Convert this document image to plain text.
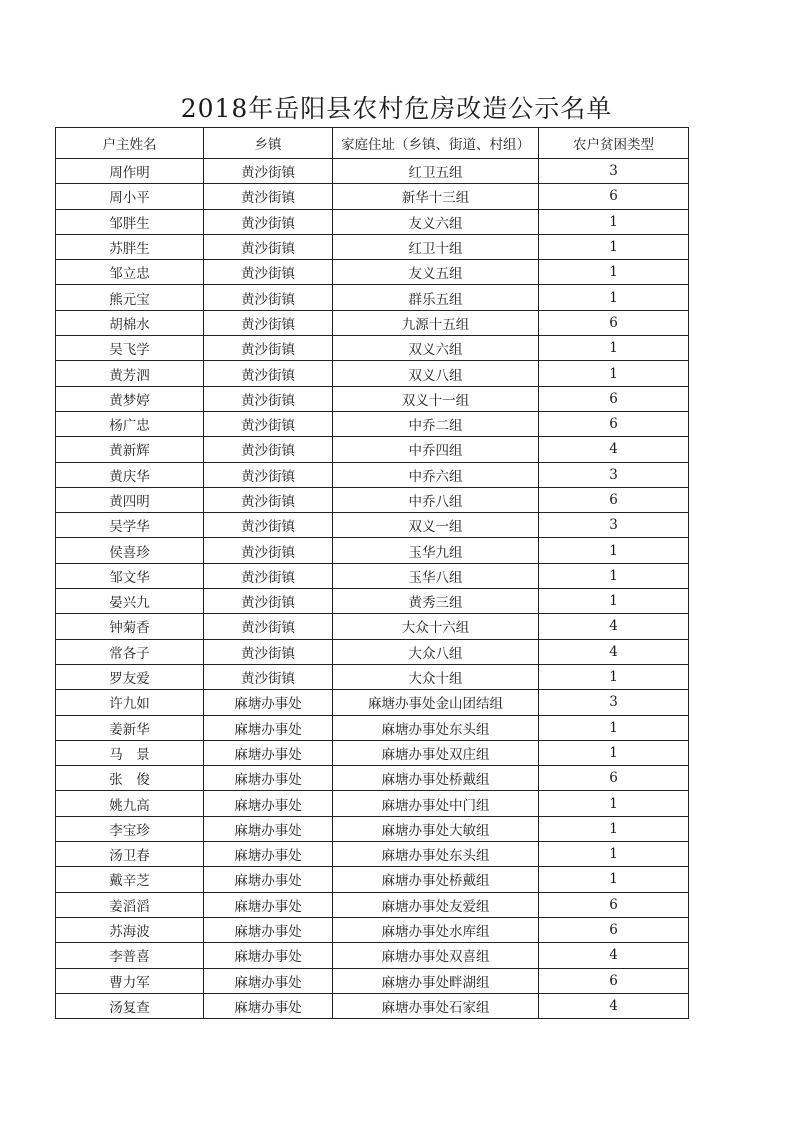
2018年岳阳县农村危房改造公示名单
户主姓名	乡镇	家庭住址（乡镇、街道、村组）	农户贫困类型
周作明	黄沙街镇	红卫五组	3
周小平	黄沙街镇	新华十三组	6
邹胖生	黄沙街镇	友义六组	1
苏胖生	黄沙街镇	红卫十组	1
邹立忠	黄沙街镇	友义五组	1
熊元宝	黄沙街镇	群乐五组	1
胡棉水	黄沙街镇	九源十五组	6
吴飞学	黄沙街镇	双义六组	1
黄芳泗	黄沙街镇	双义八组	1
黄梦婷	黄沙街镇	双义十一组	6
杨广忠	黄沙街镇	中乔二组	6
黄新辉	黄沙街镇	中乔四组	4
黄庆华	黄沙街镇	中乔六组	3
黄四明	黄沙街镇	中乔八组	6
吴学华	黄沙街镇	双义一组	3
侯喜珍	黄沙街镇	玉华九组	1
邹文华	黄沙街镇	玉华八组	1
晏兴九	黄沙街镇	黄秀三组	1
钟菊香	黄沙街镇	大众十六组	4
常各子	黄沙街镇	大众八组	4
罗友爱	黄沙街镇	大众十组	1
许九如	麻塘办事处	麻塘办事处金山团结组	3
姜新华	麻塘办事处	麻塘办事处东头组	1
马　景	麻塘办事处	麻塘办事处双庄组	1
张　俊	麻塘办事处	麻塘办事处桥戴组	6
姚九高	麻塘办事处	麻塘办事处中门组	1
李宝珍	麻塘办事处	麻塘办事处大敏组	1
汤卫春	麻塘办事处	麻塘办事处东头组	1
戴辛芝	麻塘办事处	麻塘办事处桥戴组	1
姜滔滔	麻塘办事处	麻塘办事处友爱组	6
苏海波	麻塘办事处	麻塘办事处水库组	6
李普喜	麻塘办事处	麻塘办事处双喜组	4
曹力军	麻塘办事处	麻塘办事处畔湖组	6
汤复查	麻塘办事处	麻塘办事处石家组	4
